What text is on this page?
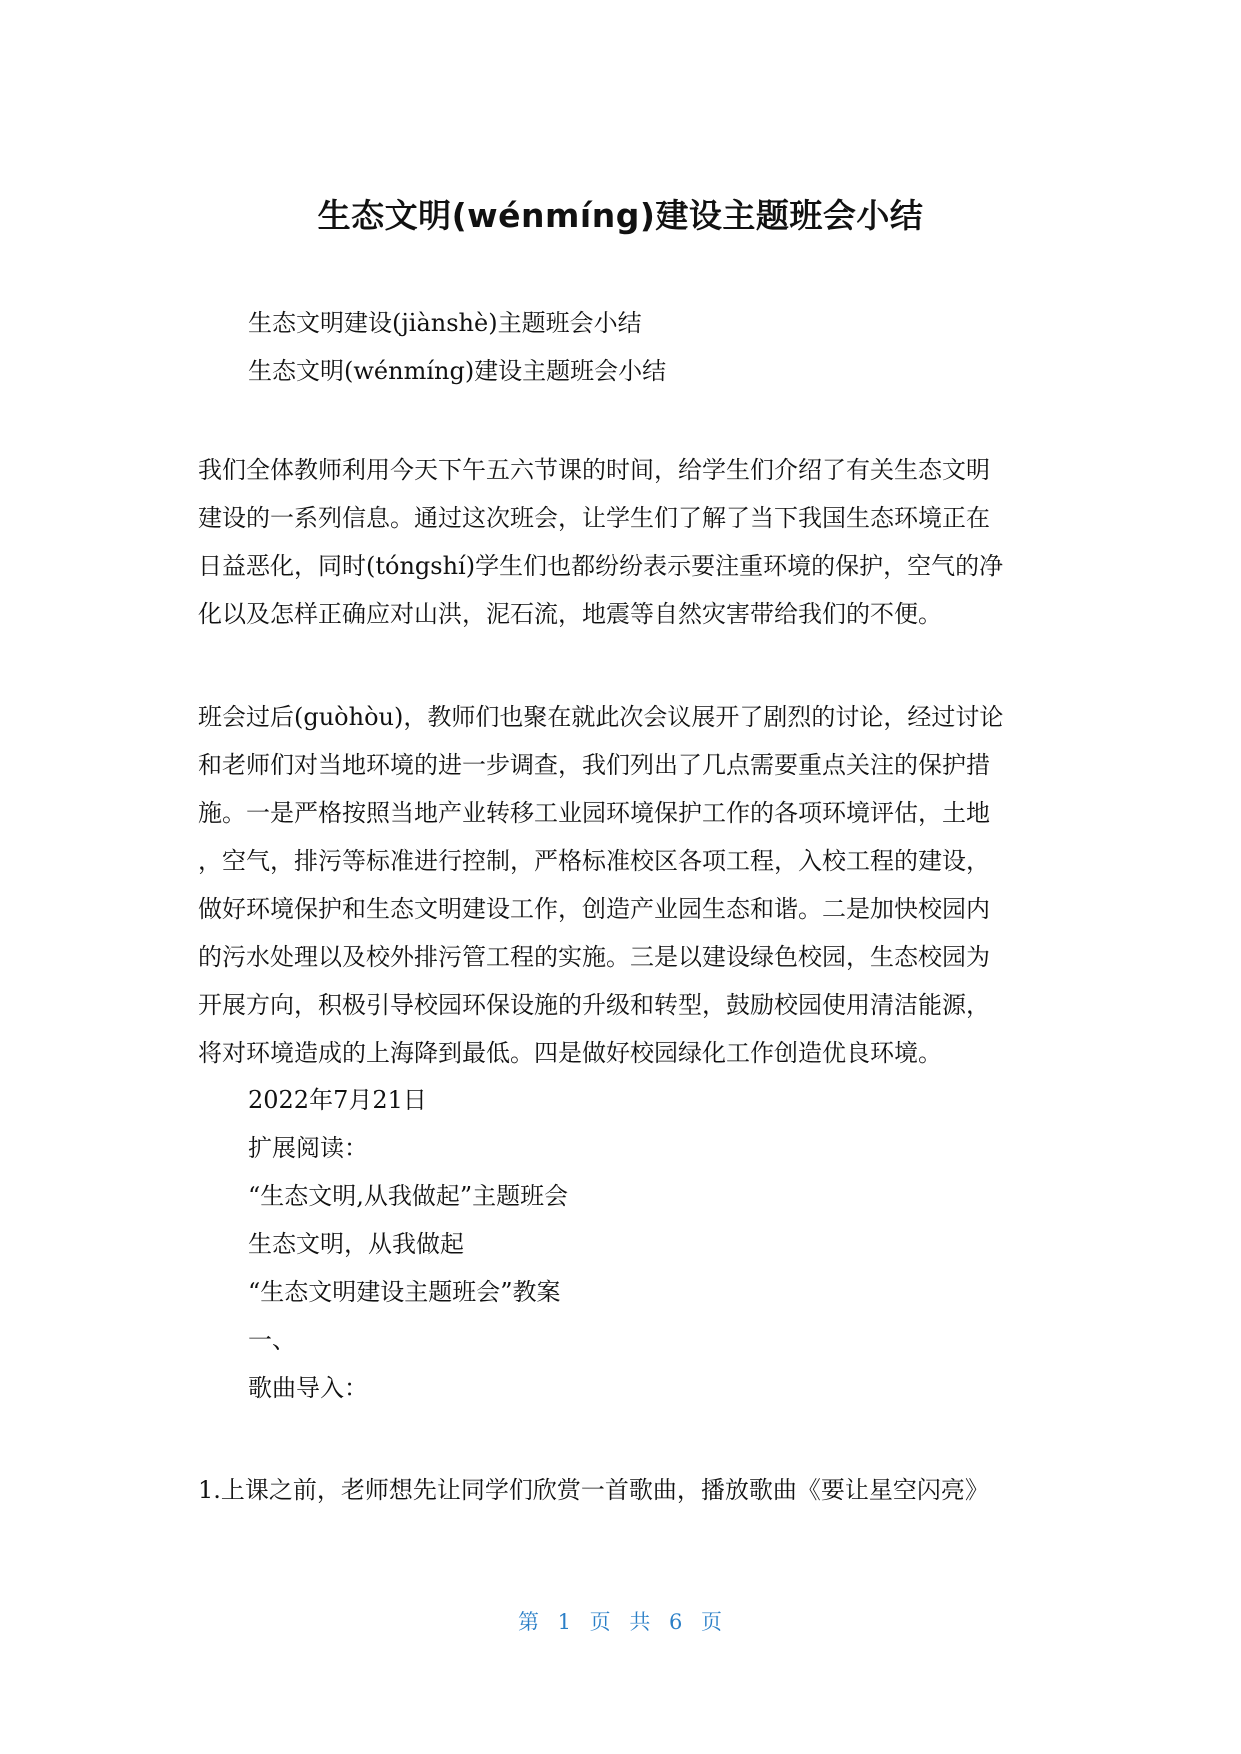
生态文明(wénmíng)建设主题班会小结
生态文明建设(jiànshè)主题班会小结
生态文明(wénmíng)建设主题班会小结
我们全体教师利用今天下午五六节课的时间，给学生们介绍了有关生态文明
建设的一系列信息。通过这次班会，让学生们了解了当下我国生态环境正在
日益恶化，同时(tóngshí)学生们也都纷纷表示要注重环境的保护，空气的净
化以及怎样正确应对山洪，泥石流，地震等自然灾害带给我们的不便。
班会过后(guòhòu)，教师们也聚在就此次会议展开了剧烈的讨论，经过讨论
和老师们对当地环境的进一步调查，我们列出了几点需要重点关注的保护措
施。一是严格按照当地产业转移工业园环境保护工作的各项环境评估，土地
，空气，排污等标准进行控制，严格标准校区各项工程，入校工程的建设，
做好环境保护和生态文明建设工作，创造产业园生态和谐。二是加快校园内
的污水处理以及校外排污管工程的实施。三是以建设绿色校园，生态校园为
开展方向，积极引导校园环保设施的升级和转型，鼓励校园使用清洁能源，
将对环境造成的上海降到最低。四是做好校园绿化工作创造优良环境。
2022年7月21日
扩展阅读：
“生态文明,从我做起”主题班会
生态文明，从我做起
“生态文明建设主题班会”教案
一、
歌曲导入：
1.上课之前，老师想先让同学们欣赏一首歌曲，播放歌曲《要让星空闪亮》
第 1 页 共 6 页
